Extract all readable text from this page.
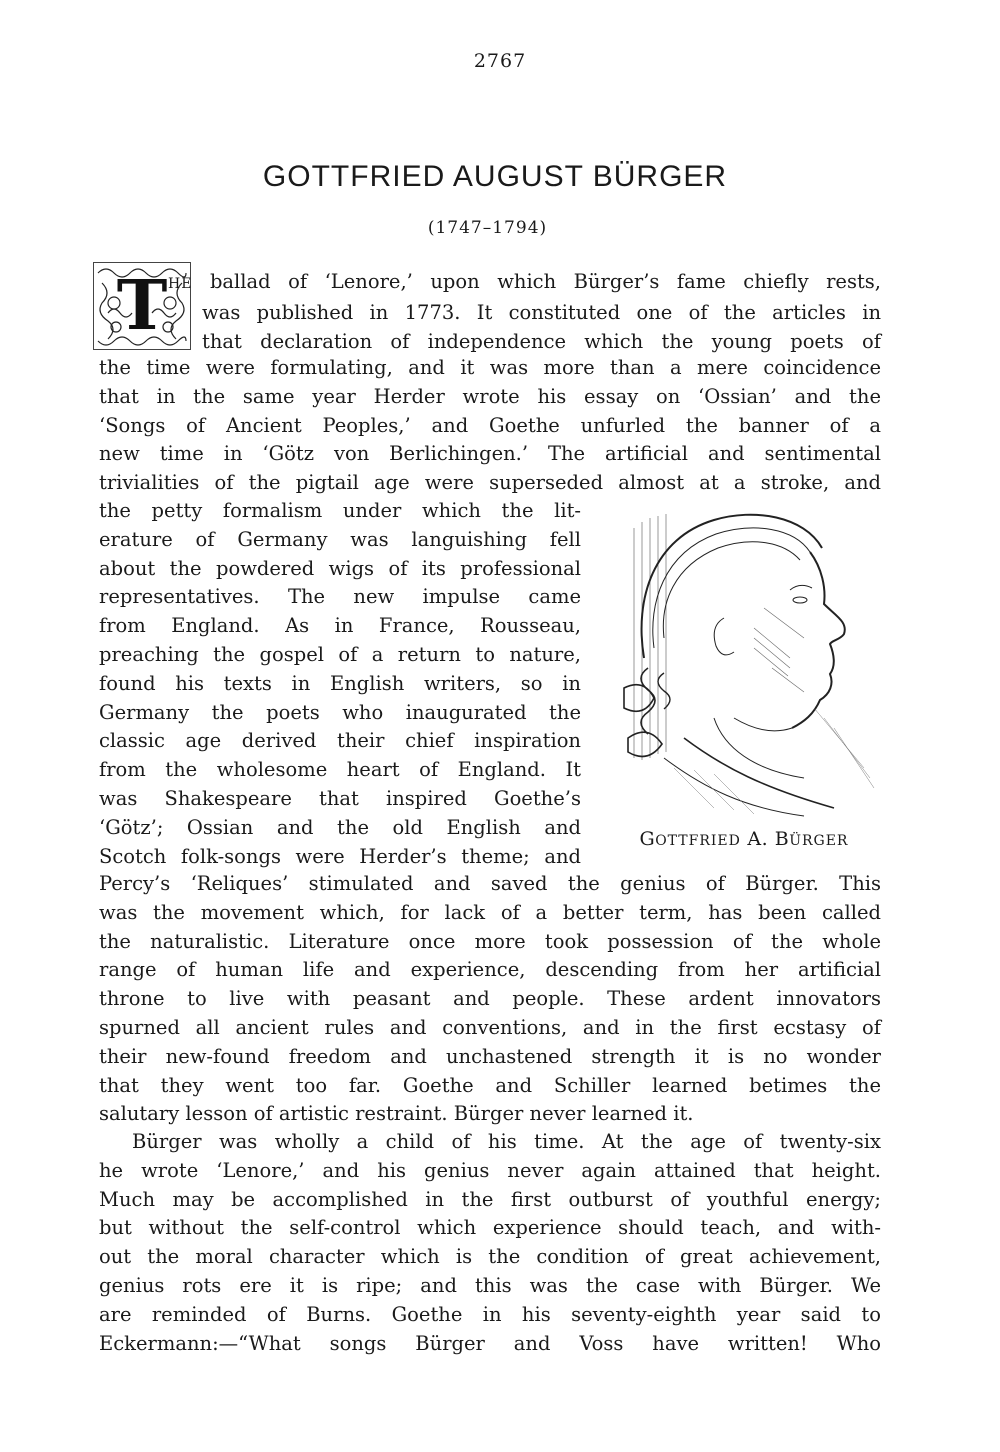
2767
GOTTFRIED AUGUST BÜRGER
(1747–1794)
T HE ballad of ‘Lenore,’ upon which Bürger’s fame chiefly rests,
was published in 1773. It constituted one of the articles in
that declaration of independence which the young poets of
the time were formulating, and it was more than a mere coincidence
that in the same year Herder wrote his essay on ‘Ossian’ and the
‘Songs of Ancient Peoples,’ and Goethe unfurled the banner of a
new time in ‘Götz von Berlichingen.’ The artificial and sentimental
trivialities of the pigtail age were superseded almost at a stroke, and
the petty formalism under which the lit-
erature of Germany was languishing fell
about the powdered wigs of its professional
representatives. The new impulse came
from England. As in France, Rousseau,
preaching the gospel of a return to nature,
found his texts in English writers, so in
Germany the poets who inaugurated the
classic age derived their chief inspiration
from the wholesome heart of England. It
was Shakespeare that inspired Goethe’s
‘Götz’; Ossian and the old English and
Scotch folk-songs were Herder’s theme; and
GOTTFRIED A. BÜRGER
Percy’s ‘Reliques’ stimulated and saved the genius of Bürger. This
was the movement which, for lack of a better term, has been called
the naturalistic. Literature once more took possession of the whole
range of human life and experience, descending from her artificial
throne to live with peasant and people. These ardent innovators
spurned all ancient rules and conventions, and in the first ecstasy of
their new-found freedom and unchastened strength it is no wonder
that they went too far. Goethe and Schiller learned betimes the
salutary lesson of artistic restraint. Bürger never learned it.
Bürger was wholly a child of his time. At the age of twenty-six
he wrote ‘Lenore,’ and his genius never again attained that height.
Much may be accomplished in the first outburst of youthful energy;
but without the self-control which experience should teach, and with-
out the moral character which is the condition of great achievement,
genius rots ere it is ripe; and this was the case with Bürger. We
are reminded of Burns. Goethe in his seventy-eighth year said to
Eckermann:—“What songs Bürger and Voss have written! Who
